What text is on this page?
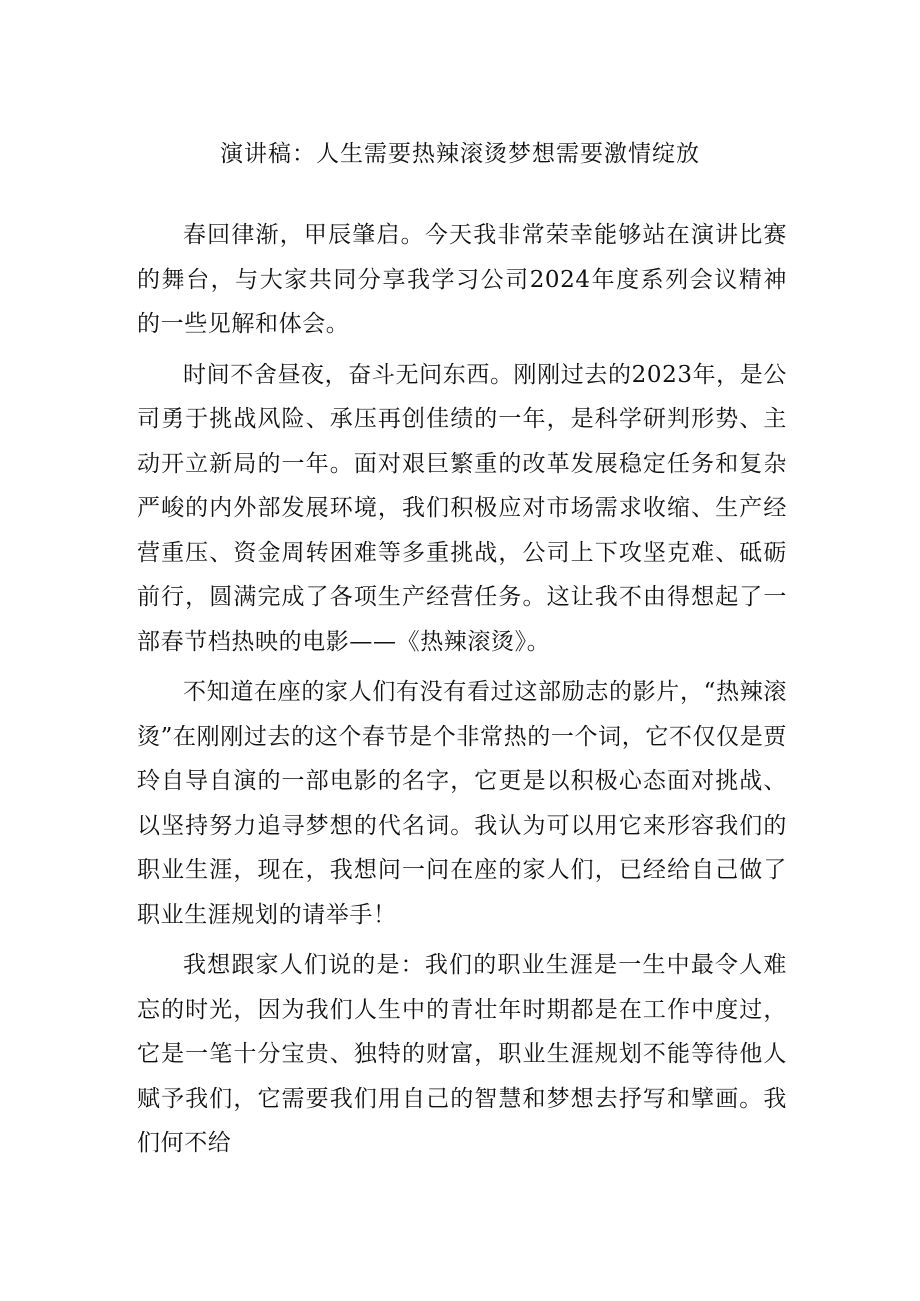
演讲稿：人生需要热辣滚烫梦想需要激情绽放

春回律渐，甲辰肇启。今天我非常荣幸能够站在演讲比赛的舞台，与大家共同分享我学习公司2024年度系列会议精神的一些见解和体会。

时间不舍昼夜，奋斗无问东西。刚刚过去的2023年，是公司勇于挑战风险、承压再创佳绩的一年，是科学研判形势、主动开立新局的一年。面对艰巨繁重的改革发展稳定任务和复杂严峻的内外部发展环境，我们积极应对市场需求收缩、生产经营重压、资金周转困难等多重挑战，公司上下攻坚克难、砥砺前行，圆满完成了各项生产经营任务。这让我不由得想起了一部春节档热映的电影——《热辣滚烫》。

不知道在座的家人们有没有看过这部励志的影片，“热辣滚烫”在刚刚过去的这个春节是个非常热的一个词，它不仅仅是贾玲自导自演的一部电影的名字，它更是以积极心态面对挑战、以坚持努力追寻梦想的代名词。我认为可以用它来形容我们的职业生涯，现在，我想问一问在座的家人们，已经给自己做了职业生涯规划的请举手！

我想跟家人们说的是：我们的职业生涯是一生中最令人难忘的时光，因为我们人生中的青壮年时期都是在工作中度过，它是一笔十分宝贵、独特的财富，职业生涯规划不能等待他人赋予我们，它需要我们用自己的智慧和梦想去抒写和擘画。我们何不给
